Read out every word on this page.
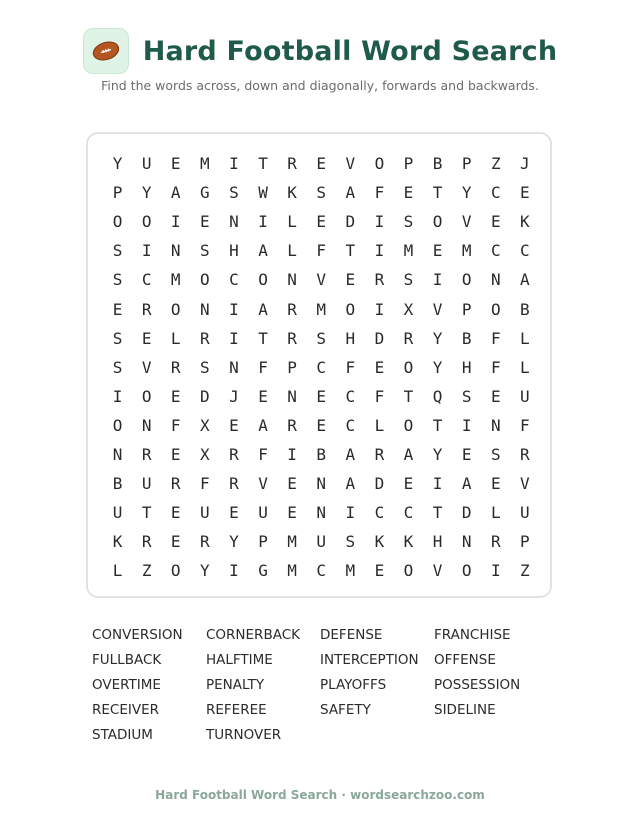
Hard Football Word Search
Find the words across, down and diagonally, forwards and backwards.
Y	U	E	M	I	T	R	E	V	O	P	B	P	Z	J
P	Y	A	G	S	W	K	S	A	F	E	T	Y	C	E
O	O	I	E	N	I	L	E	D	I	S	O	V	E	K
S	I	N	S	H	A	L	F	T	I	M	E	M	C	C
S	C	M	O	C	O	N	V	E	R	S	I	O	N	A
E	R	O	N	I	A	R	M	O	I	X	V	P	O	B
S	E	L	R	I	T	R	S	H	D	R	Y	B	F	L
S	V	R	S	N	F	P	C	F	E	O	Y	H	F	L
I	O	E	D	J	E	N	E	C	F	T	Q	S	E	U
O	N	F	X	E	A	R	E	C	L	O	T	I	N	F
N	R	E	X	R	F	I	B	A	R	A	Y	E	S	R
B	U	R	F	R	V	E	N	A	D	E	I	A	E	V
U	T	E	U	E	U	E	N	I	C	C	T	D	L	U
K	R	E	R	Y	P	M	U	S	K	K	H	N	R	P
L	Z	O	Y	I	G	M	C	M	E	O	V	O	I	Z
CONVERSION	CORNERBACK	DEFENSE	FRANCHISE
FULLBACK	HALFTIME	INTERCEPTION	OFFENSE
OVERTIME	PENALTY	PLAYOFFS	POSSESSION
RECEIVER	REFEREE	SAFETY	SIDELINE
STADIUM	TURNOVER
Hard Football Word Search · wordsearchzoo.com
